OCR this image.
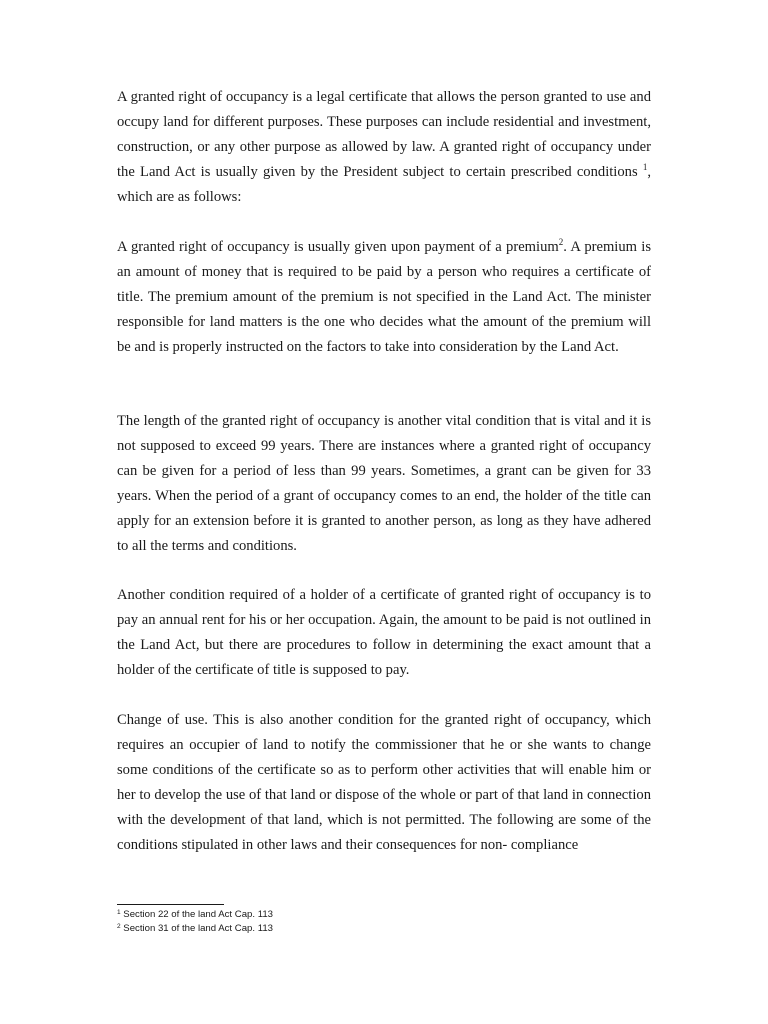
A granted right of occupancy is a legal certificate that allows the person granted to use and occupy land for different purposes. These purposes can include residential and investment, construction, or any other purpose as allowed by law. A granted right of occupancy under the Land Act is usually given by the President subject to certain prescribed conditions $^1$, which are as follows:

A granted right of occupancy is usually given upon payment of a premium$^2$. A premium is an amount of money that is required to be paid by a person who requires a certificate of title. The premium amount of the premium is not specified in the Land Act. The minister responsible for land matters is the one who decides what the amount of the premium will be and is properly instructed on the factors to take into consideration by the Land Act.

The length of the granted right of occupancy is another vital condition that is vital and it is not supposed to exceed 99 years. There are instances where a granted right of occupancy can be given for a period of less than 99 years. Sometimes, a grant can be given for 33 years. When the period of a grant of occupancy comes to an end, the holder of the title can apply for an extension before it is granted to another person, as long as they have adhered to all the terms and conditions.

Another condition required of a holder of a certificate of granted right of occupancy is to pay an annual rent for his or her occupation. Again, the amount to be paid is not outlined in the Land Act, but there are procedures to follow in determining the exact amount that a holder of the certificate of title is supposed to pay.

Change of use. This is also another condition for the granted right of occupancy, which requires an occupier of land to notify the commissioner that he or she wants to change some conditions of the certificate so as to perform other activities that will enable him or her to develop the use of that land or dispose of the whole or part of that land in connection with the development of that land, which is not permitted. The following are some of the conditions stipulated in other laws and their consequences for non- compliance

$^1$ Section 22 of the land Act Cap. 113
$^2$ Section 31 of the land Act Cap. 113
